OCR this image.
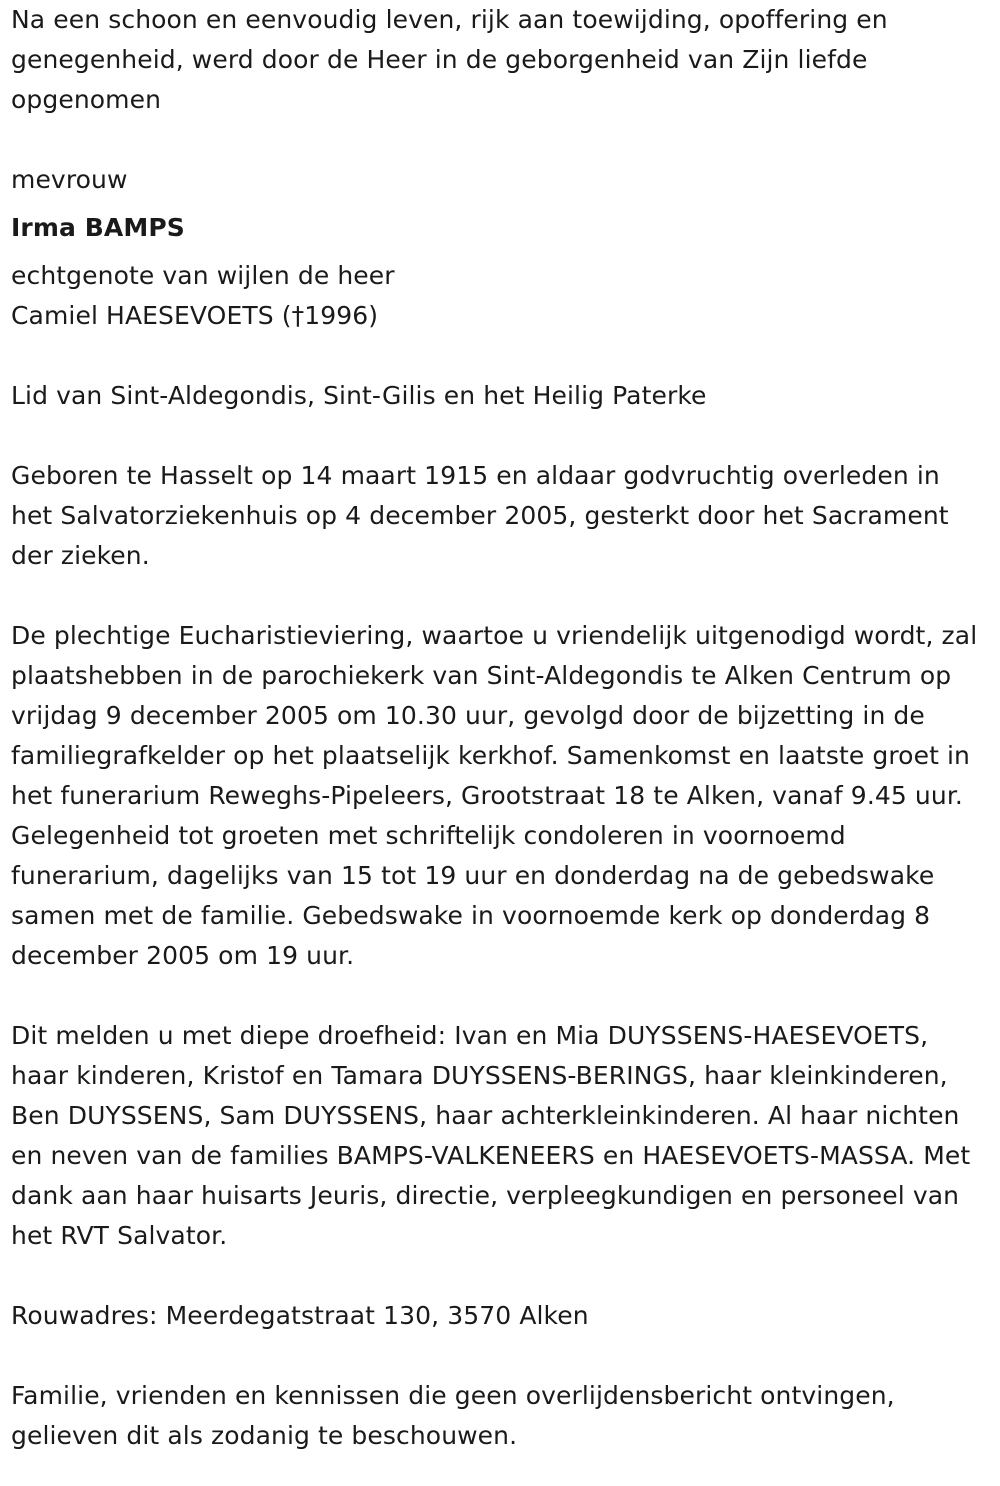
Na een schoon en eenvoudig leven, rijk aan toewijding, opoffering en genegenheid, werd door de Heer in de geborgenheid van Zijn liefde opgenomen

mevrouw
Irma BAMPS
echtgenote van wijlen de heer
Camiel HAESEVOETS (†1996)

Lid van Sint-Aldegondis, Sint-Gilis en het Heilig Paterke

Geboren te Hasselt op 14 maart 1915 en aldaar godvruchtig overleden in het Salvatorziekenhuis op 4 december 2005, gesterkt door het Sacrament der zieken.

De plechtige Eucharistieviering, waartoe u vriendelijk uitgenodigd wordt, zal plaatshebben in de parochiekerk van Sint-Aldegondis te Alken Centrum op vrijdag 9 december 2005 om 10.30 uur, gevolgd door de bijzetting in de familiegrafkelder op het plaatselijk kerkhof. Samenkomst en laatste groet in het funerarium Reweghs-Pipeleers, Grootstraat 18 te Alken, vanaf 9.45 uur. Gelegenheid tot groeten met schriftelijk condoleren in voornoemd funerarium, dagelijks van 15 tot 19 uur en donderdag na de gebedswake samen met de familie. Gebedswake in voornoemde kerk op donderdag 8 december 2005 om 19 uur.

Dit melden u met diepe droefheid: Ivan en Mia DUYSSENS-HAESEVOETS, haar kinderen, Kristof en Tamara DUYSSENS-BERINGS, haar kleinkinderen, Ben DUYSSENS, Sam DUYSSENS, haar achterkleinkinderen. Al haar nichten en neven van de families BAMPS-VALKENEERS en HAESEVOETS-MASSA. Met dank aan haar huisarts Jeuris, directie, verpleegkundigen en personeel van het RVT Salvator.

Rouwadres: Meerdegatstraat 130, 3570 Alken

Familie, vrienden en kennissen die geen overlijdensbericht ontvingen, gelieven dit als zodanig te beschouwen.
